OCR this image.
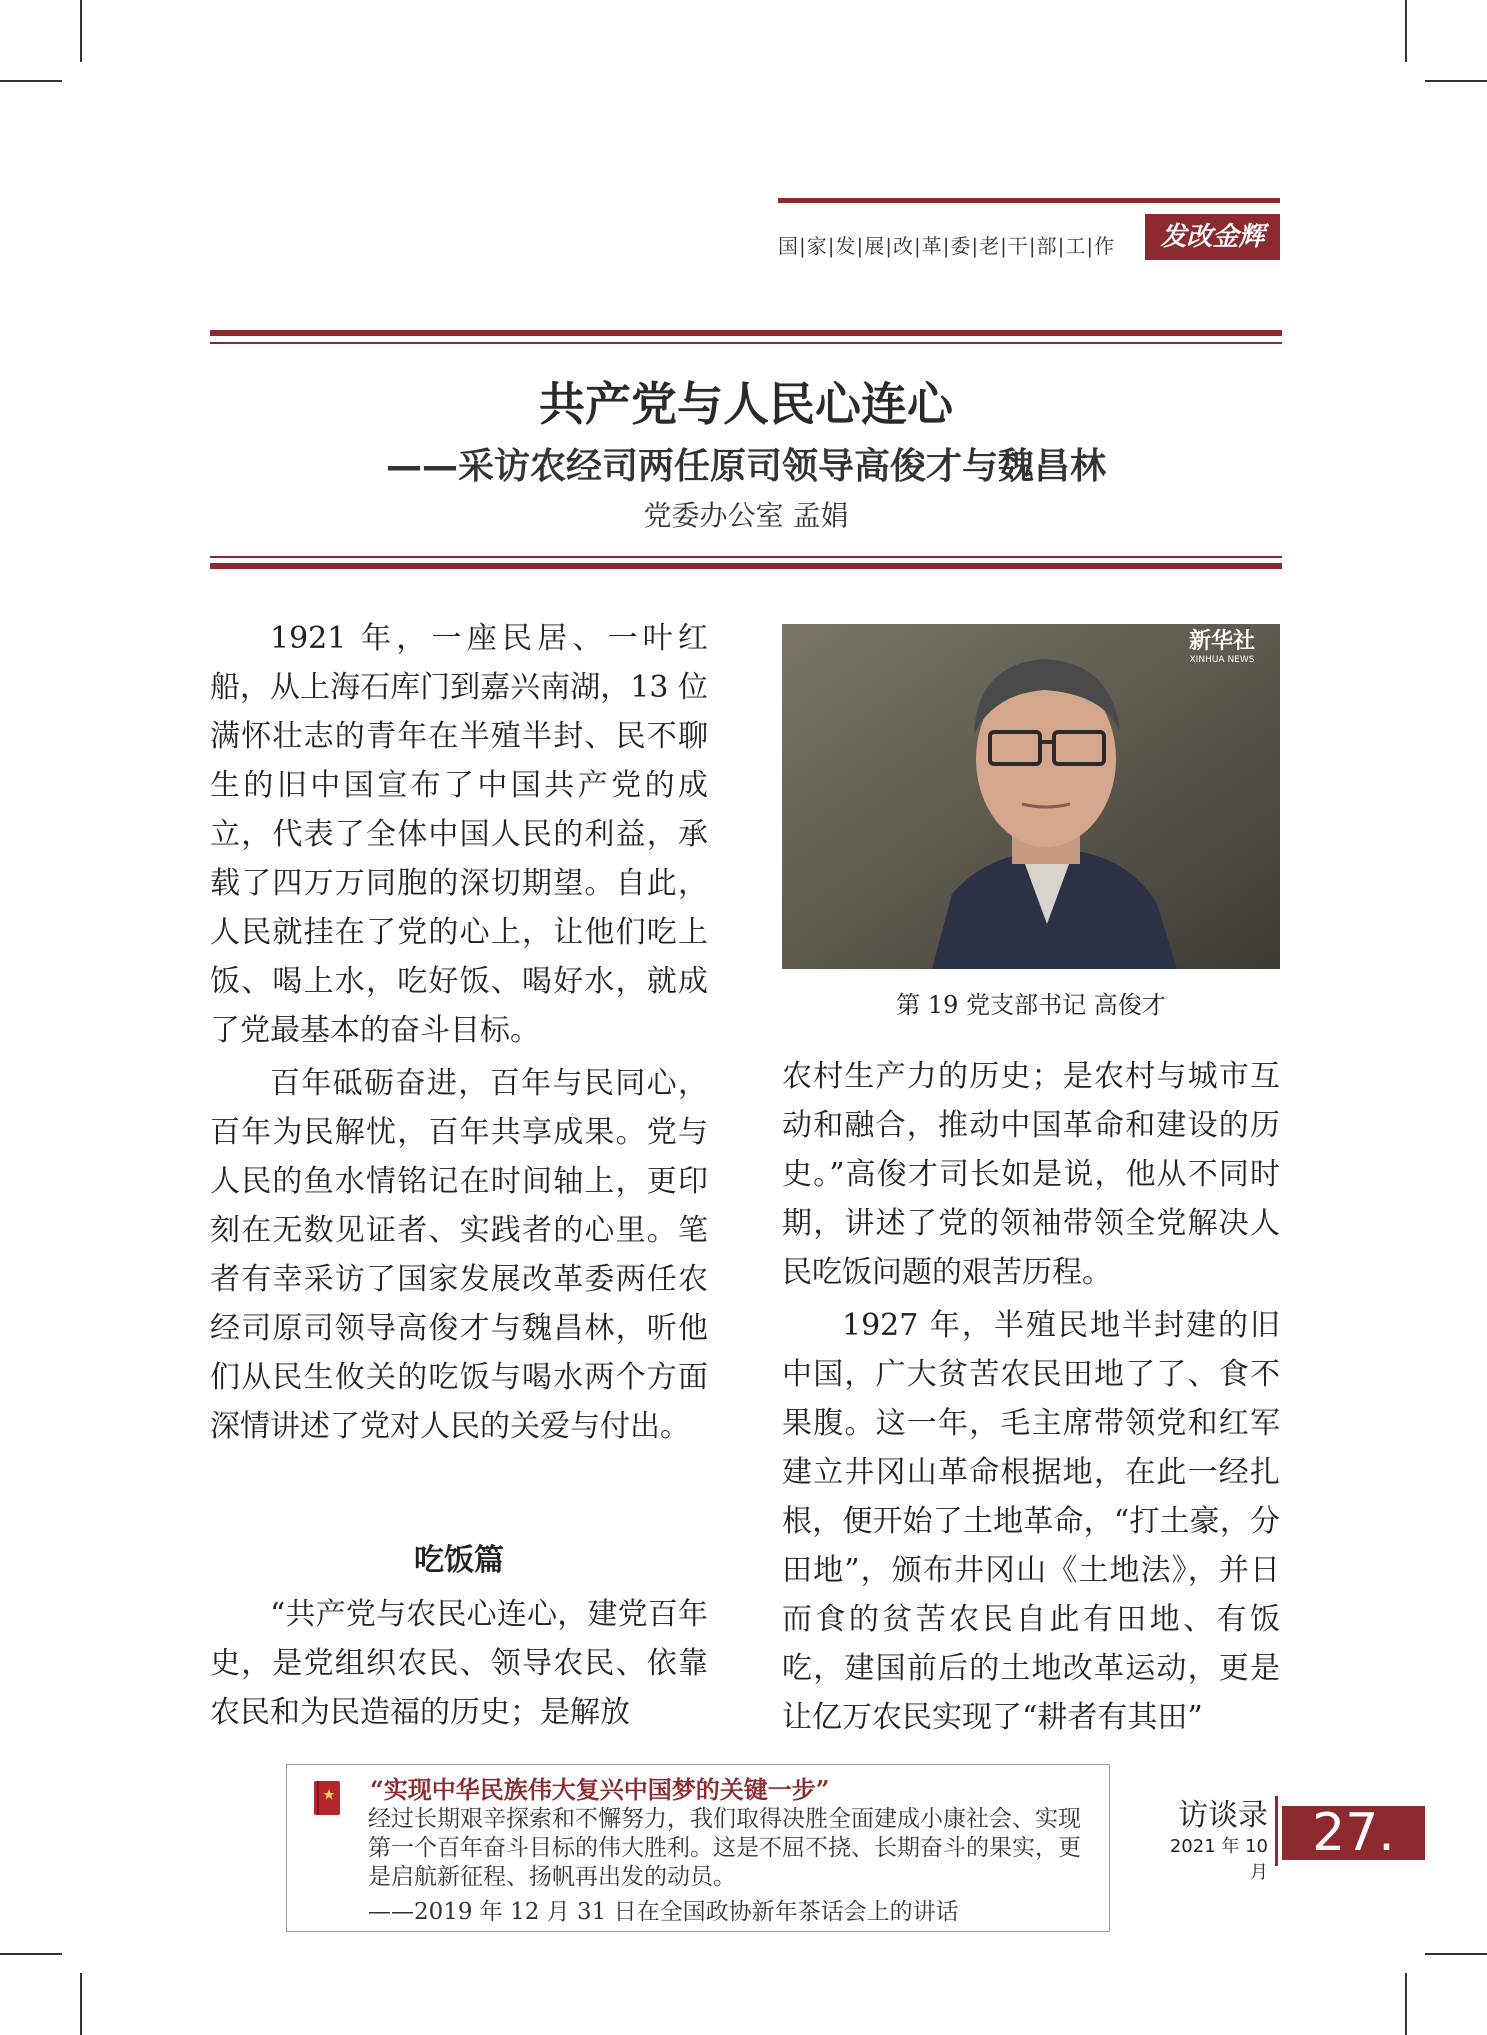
国|家|发|展|改|革|委|老|干|部|工|作	发改金辉
共产党与人民心连心
——采访农经司两任原司领导高俊才与魏昌林
党委办公室 孟娟

1921 年，一座民居、一叶红船，从上海石库门到嘉兴南湖，13 位满怀壮志的青年在半殖半封、民不聊生的旧中国宣布了中国共产党的成立，代表了全体中国人民的利益，承载了四万万同胞的深切期望。自此，人民就挂在了党的心上，让他们吃上饭、喝上水，吃好饭、喝好水，就成了党最基本的奋斗目标。

百年砥砺奋进，百年与民同心，百年为民解忧，百年共享成果。党与人民的鱼水情铭记在时间轴上，更印刻在无数见证者、实践者的心里。笔者有幸采访了国家发展改革委两任农经司原司领导高俊才与魏昌林，听他们从民生攸关的吃饭与喝水两个方面深情讲述了党对人民的关爱与付出。

吃饭篇

“共产党与农民心连心，建党百年史，是党组织农民、领导农民、依靠农民和为民造福的历史；是解放

新华社
XINHUA NEWS
第 19 党支部书记 高俊才

农村生产力的历史；是农村与城市互动和融合，推动中国革命和建设的历史。”高俊才司长如是说，他从不同时期，讲述了党的领袖带领全党解决人民吃饭问题的艰苦历程。

1927 年，半殖民地半封建的旧中国，广大贫苦农民田地了了、食不果腹。这一年，毛主席带领党和红军建立井冈山革命根据地，在此一经扎根，便开始了土地革命，“打土豪，分田地”，颁布井冈山《土地法》，并日而食的贫苦农民自此有田地、有饭吃，建国前后的土地改革运动，更是让亿万农民实现了“耕者有其田”

“实现中华民族伟大复兴中国梦的关键一步”
经过长期艰辛探索和不懈努力，我们取得决胜全面建成小康社会、实现第一个百年奋斗目标的伟大胜利。这是不屈不挠、长期奋斗的果实，更是启航新征程、扬帆再出发的动员。
——2019 年 12 月 31 日在全国政协新年茶话会上的讲话
访谈录
2021 年 10 月
27.
